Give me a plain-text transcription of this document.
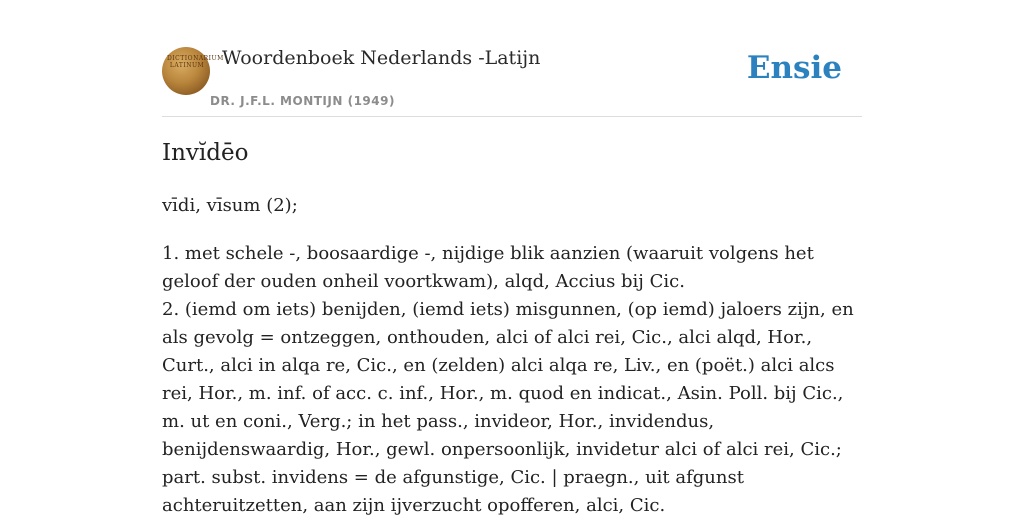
DICTIONARIUM LATINUM Woordenboek Nederlands -Latijn
DR. J.F.L. MONTIJN (1949)
Ensie
Invĭdēo
vīdi, vīsum (2);

1. met schele -, boosaardige -, nijdige blik aanzien (waaruit volgens het geloof der ouden onheil voortkwam), alqd, Accius bij Cic.

2. (iemd om iets) benijden, (iemd iets) misgunnen, (op iemd) jaloers zijn, en als gevolg = ontzeggen, onthouden, alci of alci rei, Cic., alci alqd, Hor., Curt., alci in alqa re, Cic., en (zelden) alci alqa re, Liv., en (poët.) alci alcs rei, Hor., m. inf. of acc. c. inf., Hor., m. quod en indicat., Asin. Poll. bij Cic., m. ut en coni., Verg.; in het pass., invideor, Hor., invidendus, benijdenswaardig, Hor., gewl. onpersoonlijk, invidetur alci of alci rei, Cic.; part. subst. invidens = de afgunstige, Cic. | praegn., uit afgunst achteruitzetten, aan zijn ijverzucht opofferen, alci, Cic.
